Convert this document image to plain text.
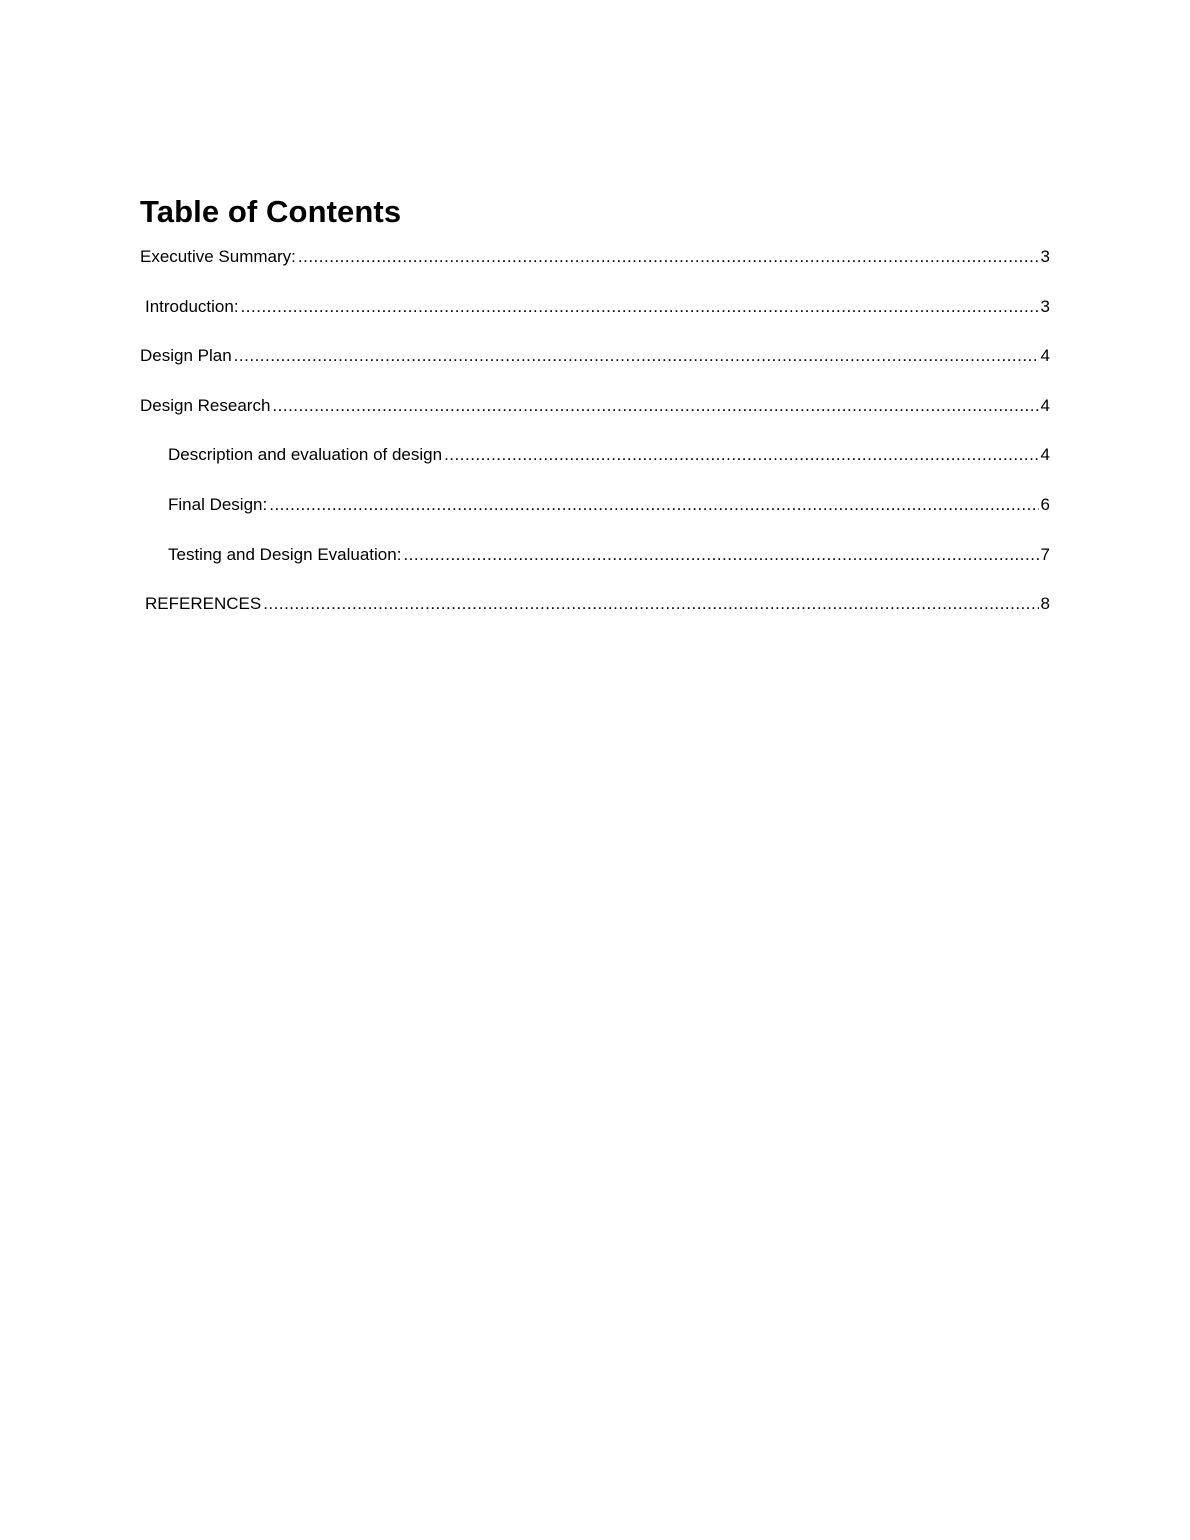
Table of Contents
Executive Summary: .....	3
Introduction: .....	3
Design Plan .....	4
Design Research .....	4
Description and evaluation of design .....	4
Final Design: .....	6
Testing and Design Evaluation: .....	7
REFERENCES .....	8
